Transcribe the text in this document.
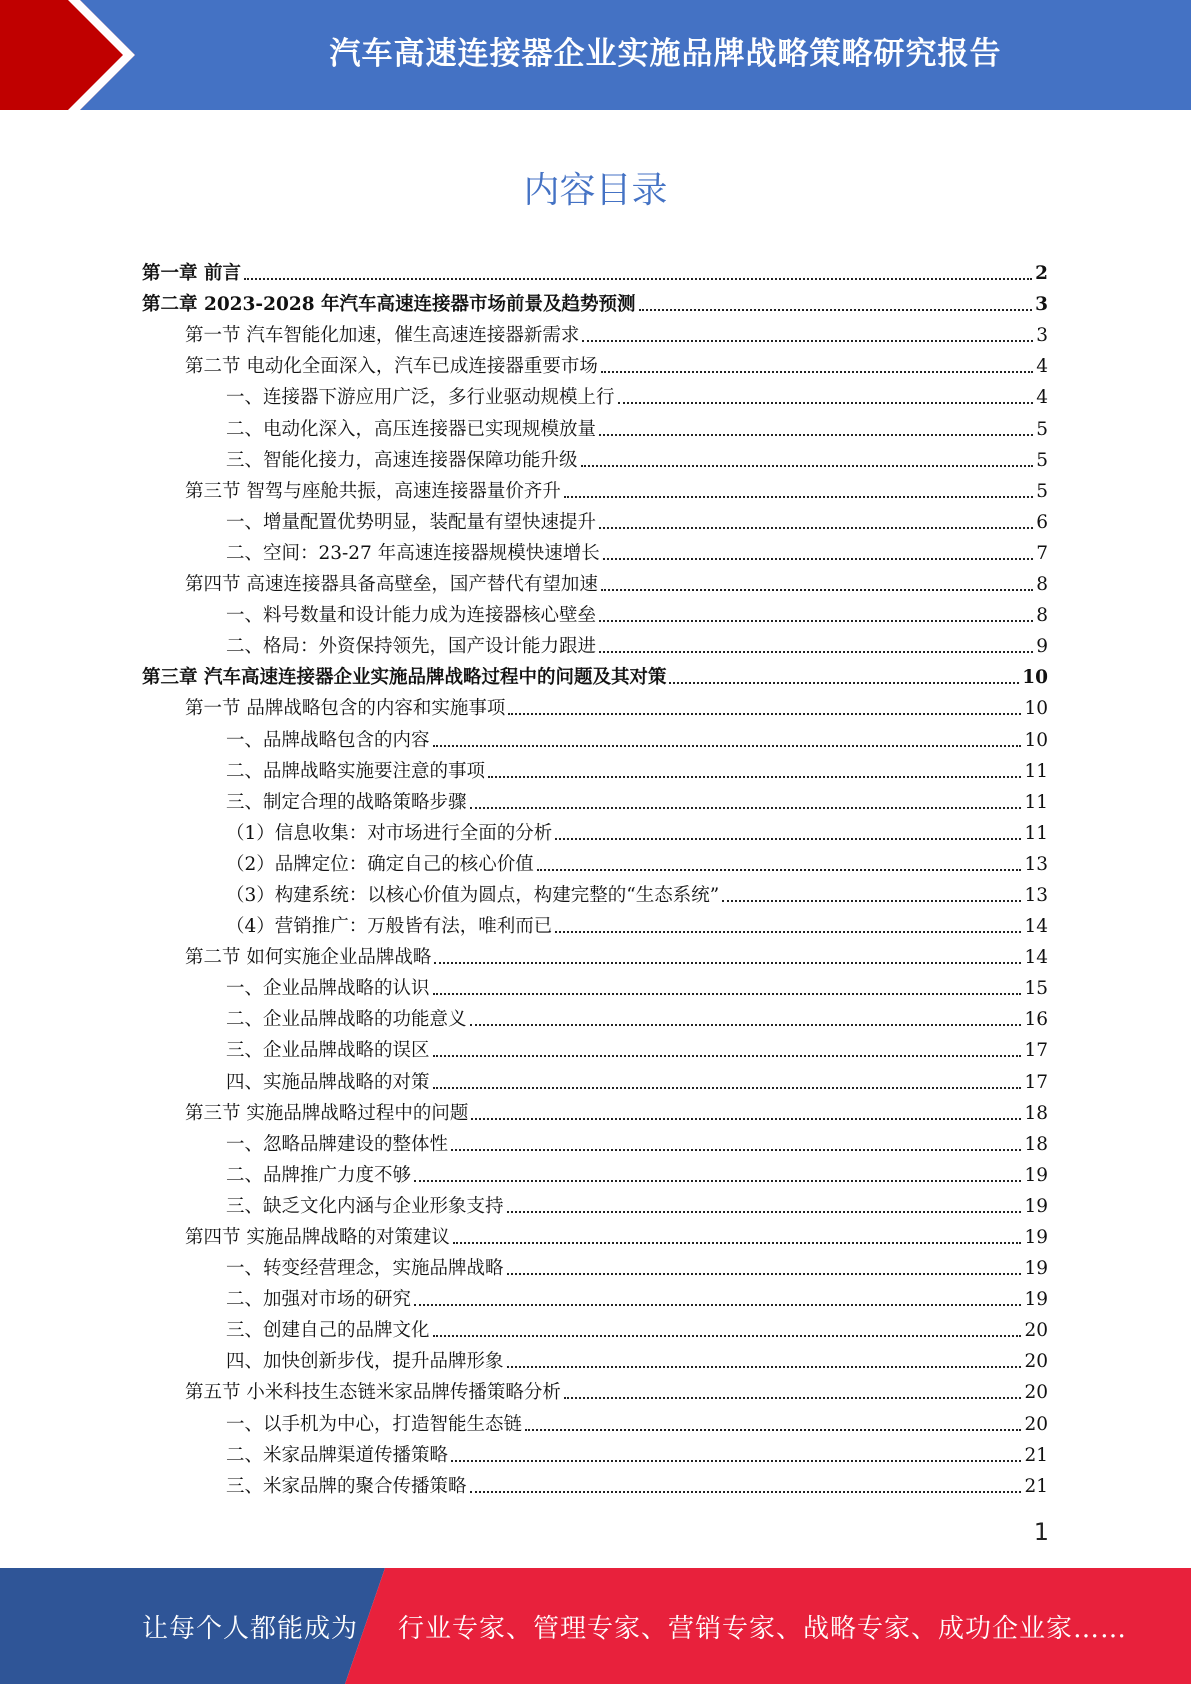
汽车高速连接器企业实施品牌战略策略研究报告
内容目录
第一章 前言	2
第二章 2023-2028 年汽车高速连接器市场前景及趋势预测	3
第一节 汽车智能化加速，催生高速连接器新需求	3
第二节 电动化全面深入，汽车已成连接器重要市场	4
一、连接器下游应用广泛，多行业驱动规模上行	4
二、电动化深入，高压连接器已实现规模放量	5
三、智能化接力，高速连接器保障功能升级	5
第三节 智驾与座舱共振，高速连接器量价齐升	5
一、增量配置优势明显，装配量有望快速提升	6
二、空间：23-27 年高速连接器规模快速增长	7
第四节 高速连接器具备高壁垒，国产替代有望加速	8
一、料号数量和设计能力成为连接器核心壁垒	8
二、格局：外资保持领先，国产设计能力跟进	9
第三章 汽车高速连接器企业实施品牌战略过程中的问题及其对策	10
第一节 品牌战略包含的内容和实施事项	10
一、品牌战略包含的内容	10
二、品牌战略实施要注意的事项	11
三、制定合理的战略策略步骤	11
（1）信息收集：对市场进行全面的分析	11
（2）品牌定位：确定自己的核心价值	13
（3）构建系统：以核心价值为圆点，构建完整的“生态系统”	13
（4）营销推广：万般皆有法，唯利而已	14
第二节 如何实施企业品牌战略	14
一、企业品牌战略的认识	15
二、企业品牌战略的功能意义	16
三、企业品牌战略的误区	17
四、实施品牌战略的对策	17
第三节 实施品牌战略过程中的问题	18
一、忽略品牌建设的整体性	18
二、品牌推广力度不够	19
三、缺乏文化内涵与企业形象支持	19
第四节 实施品牌战略的对策建议	19
一、转变经营理念，实施品牌战略	19
二、加强对市场的研究	19
三、创建自己的品牌文化	20
四、加快创新步伐，提升品牌形象	20
第五节 小米科技生态链米家品牌传播策略分析	20
一、以手机为中心，打造智能生态链	20
二、米家品牌渠道传播策略	21
三、米家品牌的聚合传播策略	21
1
让每个人都能成为 行业专家、管理专家、营销专家、战略专家、成功企业家……
